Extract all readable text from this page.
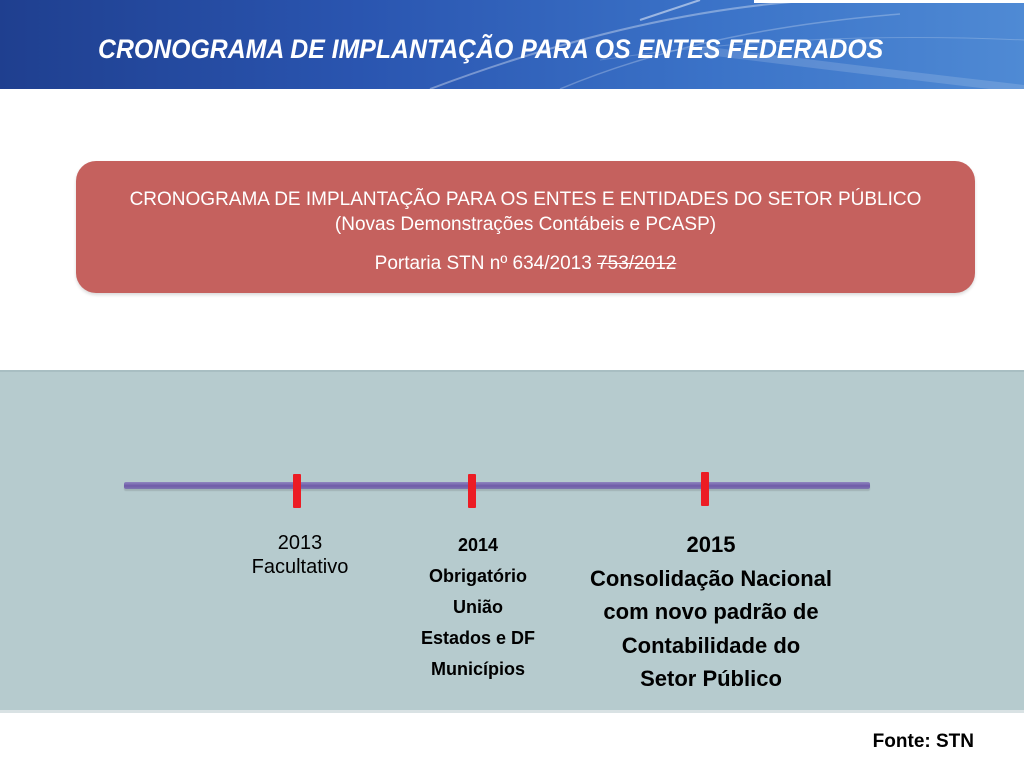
CRONOGRAMA DE IMPLANTAÇÃO PARA OS ENTES FEDERADOS
CRONOGRAMA DE IMPLANTAÇÃO PARA OS ENTES E ENTIDADES DO SETOR PÚBLICO (Novas Demonstrações Contábeis e PCASP)
Portaria STN nº 634/2013 753/2012
2013
Facultativo
2014
Obrigatório
União
Estados e DF
Municípios
2015
Consolidação Nacional
com novo padrão de
Contabilidade do
Setor Público
Fonte: STN
